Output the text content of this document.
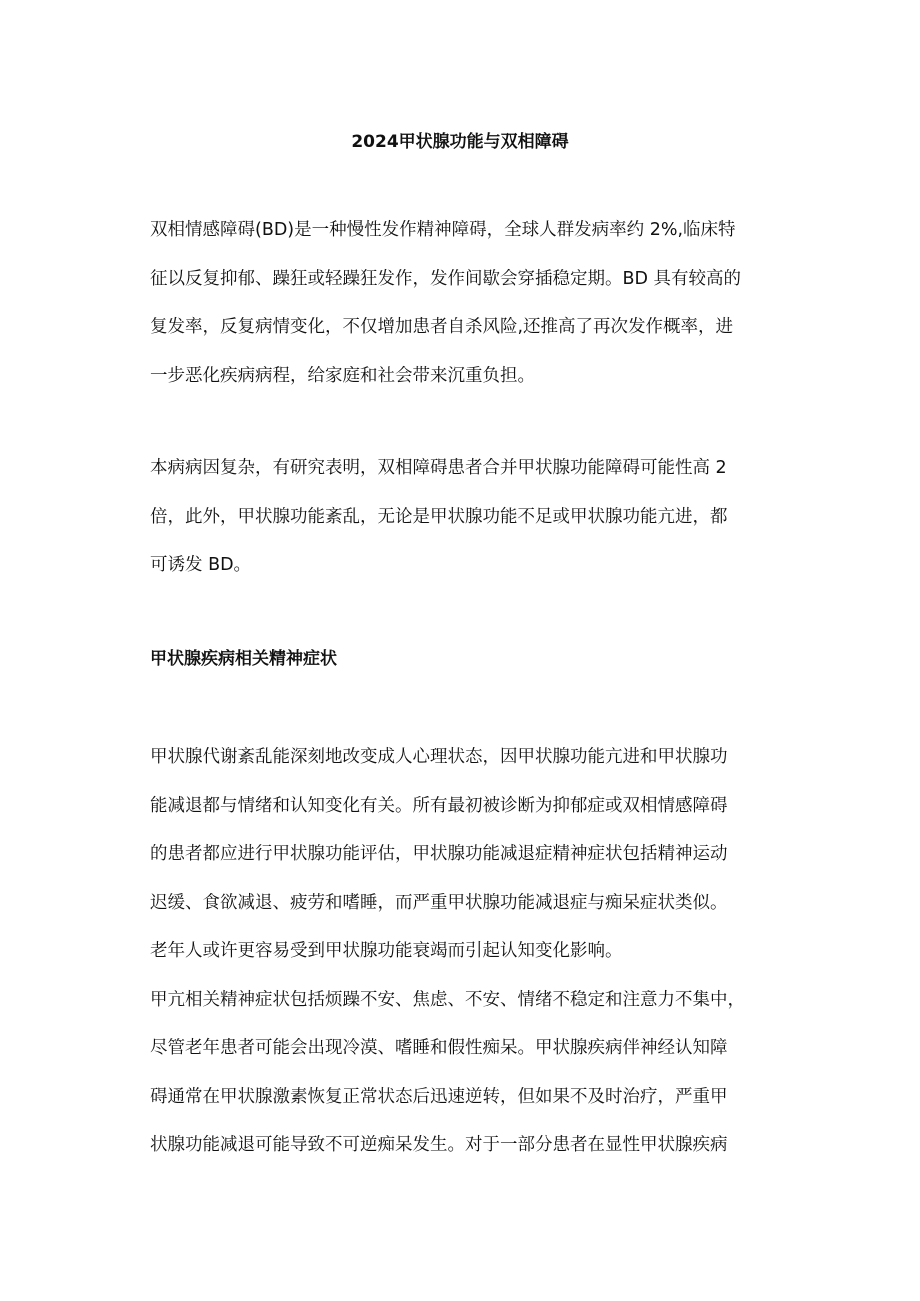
2024甲状腺功能与双相障碍
双相情感障碍(BD)是一种慢性发作精神障碍，全球人群发病率约 2%,临床特
征以反复抑郁、躁狂或轻躁狂发作，发作间歇会穿插稳定期。BD 具有较高的
复发率，反复病情变化，不仅增加患者自杀风险,还推高了再次发作概率，进
一步恶化疾病病程，给家庭和社会带来沉重负担。
本病病因复杂，有研究表明，双相障碍患者合并甲状腺功能障碍可能性高 2
倍，此外，甲状腺功能紊乱，无论是甲状腺功能不足或甲状腺功能亢进，都
可诱发 BD。
甲状腺疾病相关精神症状
甲状腺代谢紊乱能深刻地改变成人心理状态，因甲状腺功能亢进和甲状腺功
能减退都与情绪和认知变化有关。所有最初被诊断为抑郁症或双相情感障碍
的患者都应进行甲状腺功能评估，甲状腺功能减退症精神症状包括精神运动
迟缓、食欲减退、疲劳和嗜睡，而严重甲状腺功能减退症与痴呆症状类似。
老年人或许更容易受到甲状腺功能衰竭而引起认知变化影响。
甲亢相关精神症状包括烦躁不安、焦虑、不安、情绪不稳定和注意力不集中，
尽管老年患者可能会出现冷漠、嗜睡和假性痴呆。甲状腺疾病伴神经认知障
碍通常在甲状腺激素恢复正常状态后迅速逆转，但如果不及时治疗，严重甲
状腺功能减退可能导致不可逆痴呆发生。对于一部分患者在显性甲状腺疾病
